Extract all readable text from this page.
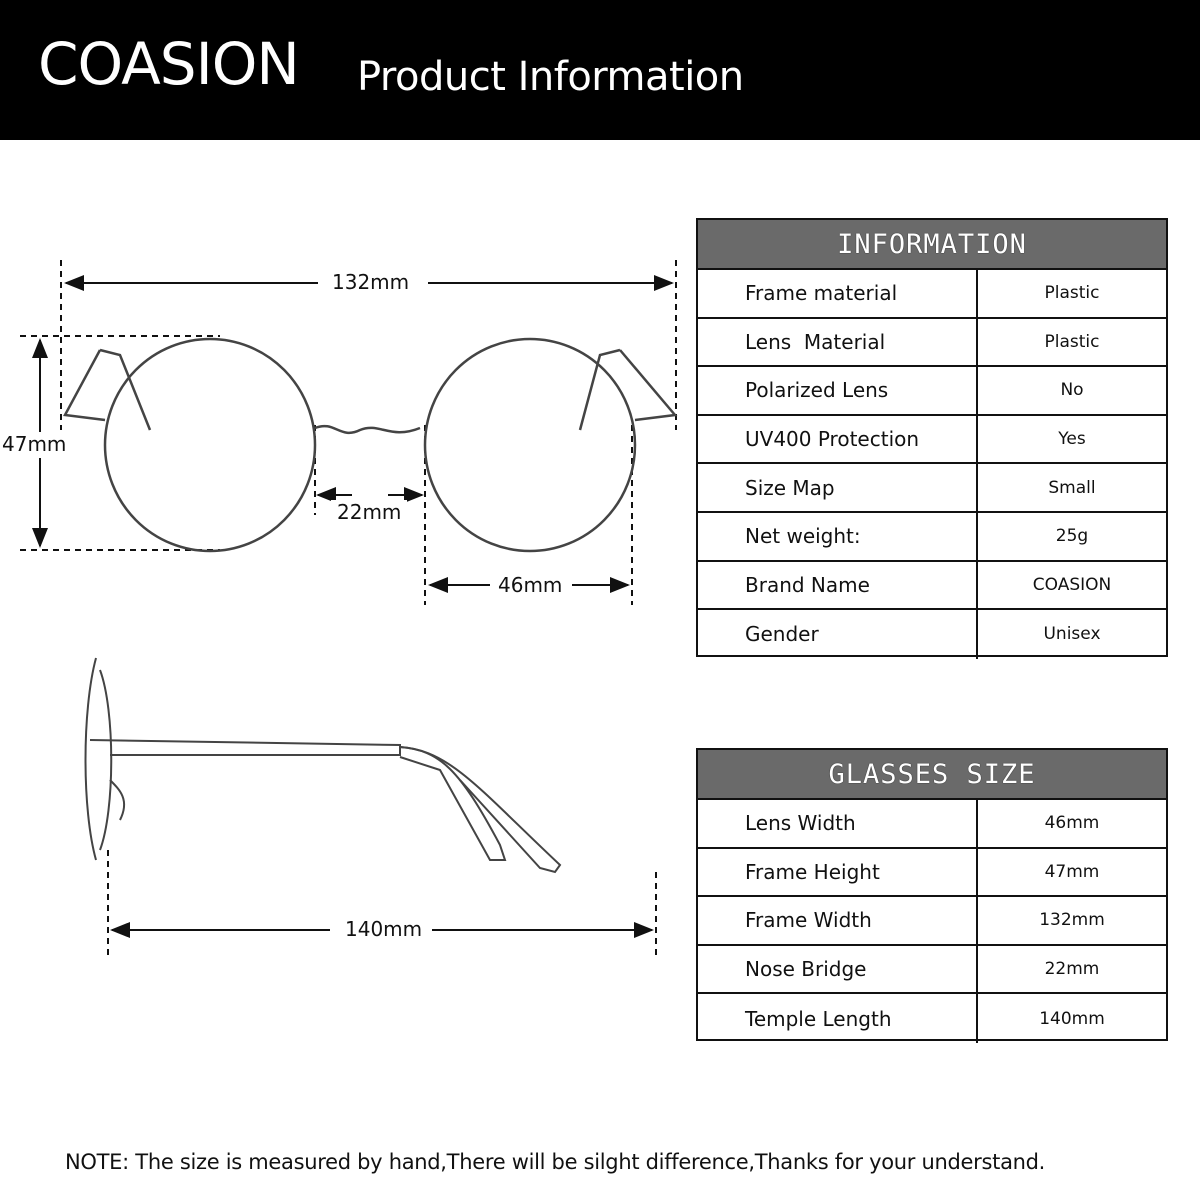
COASION Product Information
132mm
47mm
22mm
46mm
140mm
INFORMATION
Frame material	Plastic
Lens  Material	Plastic
Polarized Lens	No
UV400 Protection	Yes
Size Map	Small
Net weight:	25g
Brand Name	COASION
Gender	Unisex
GLASSES SIZE
Lens Width	46mm
Frame Height	47mm
Frame Width	132mm
Nose Bridge	22mm
Temple Length	140mm
NOTE: The size is measured by hand,There will be silght difference,Thanks for your understand.
